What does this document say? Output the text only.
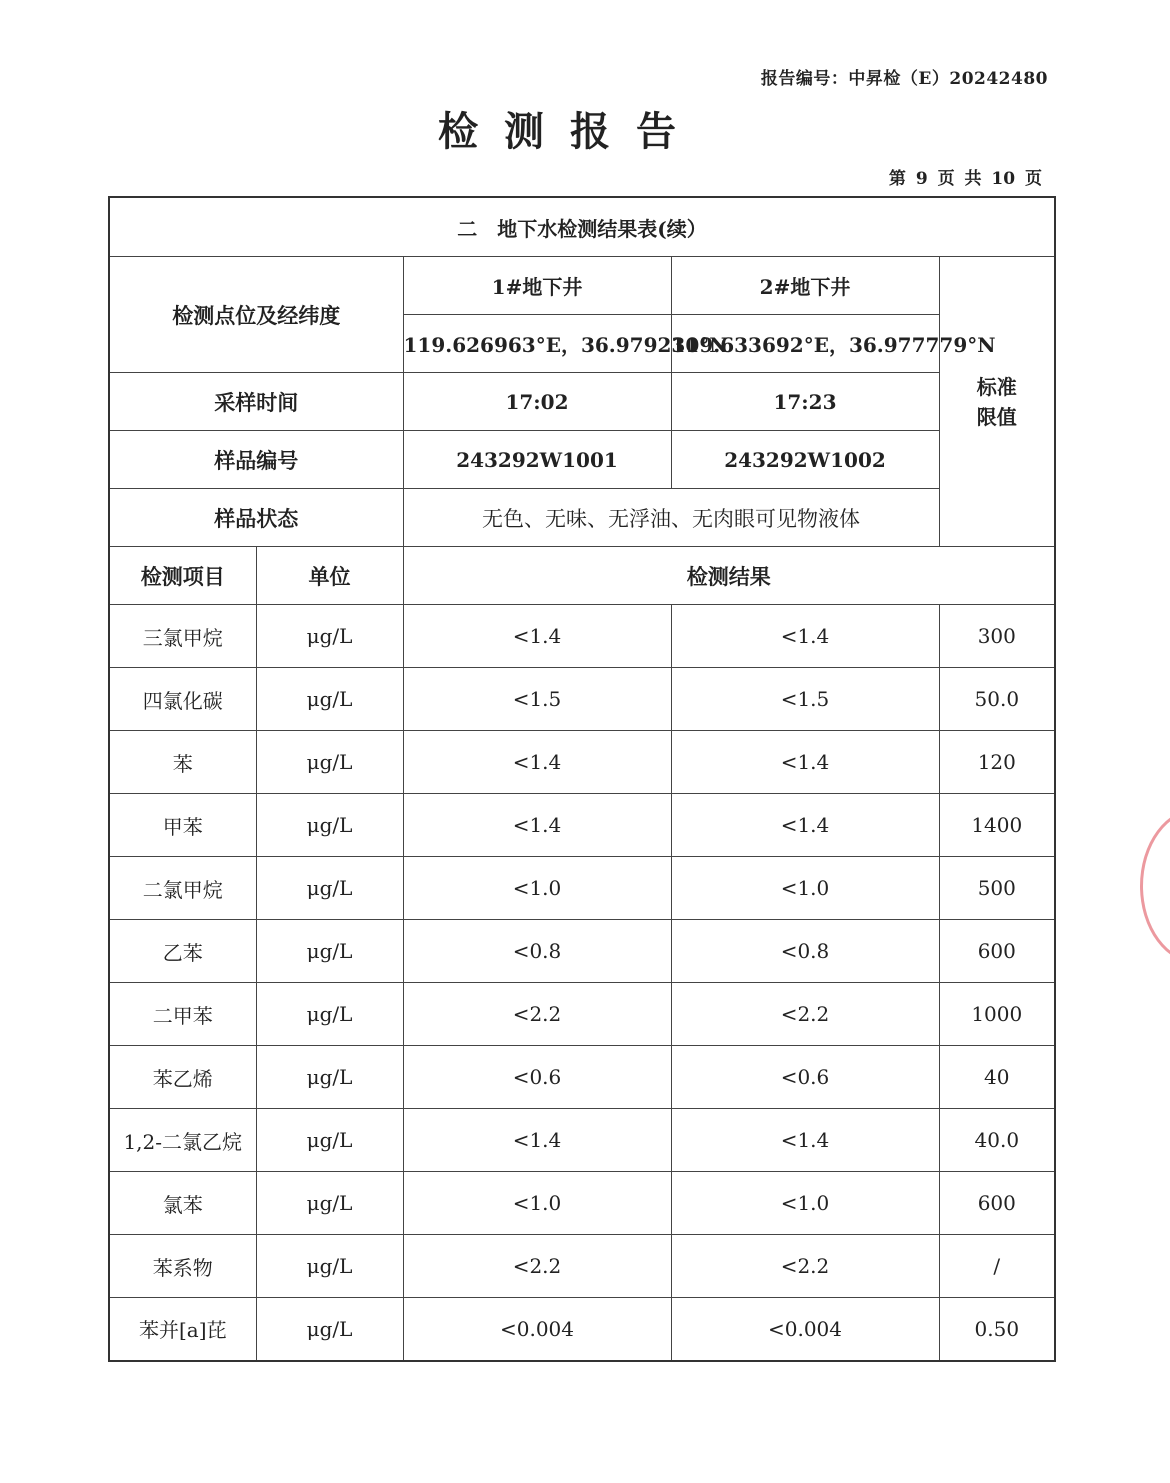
报告编号：中昇检（E）20242480
检测报告
第 9 页 共 10 页
二　地下水检测结果表(续）				
检测点位及经纬度		1#地下井	2#地下井	标准限值
		119.626963°E，36.979230°N	119.633692°E，36.977779°N	
采样时间		17:02	17:23	
样品编号		243292W1001	243292W1002	
样品状态		无色、无味、无浮油、无肉眼可见物液体		
检测项目	单位	检测结果		
三氯甲烷	μg/L	<1.4	<1.4	300
四氯化碳	μg/L	<1.5	<1.5	50.0
苯	μg/L	<1.4	<1.4	120
甲苯	μg/L	<1.4	<1.4	1400
二氯甲烷	μg/L	<1.0	<1.0	500
乙苯	μg/L	<0.8	<0.8	600
二甲苯	μg/L	<2.2	<2.2	1000
苯乙烯	μg/L	<0.6	<0.6	40
1,2-二氯乙烷	μg/L	<1.4	<1.4	40.0
氯苯	μg/L	<1.0	<1.0	600
苯系物	μg/L	<2.2	<2.2	/
苯并[a]芘	μg/L	<0.004	<0.004	0.50
